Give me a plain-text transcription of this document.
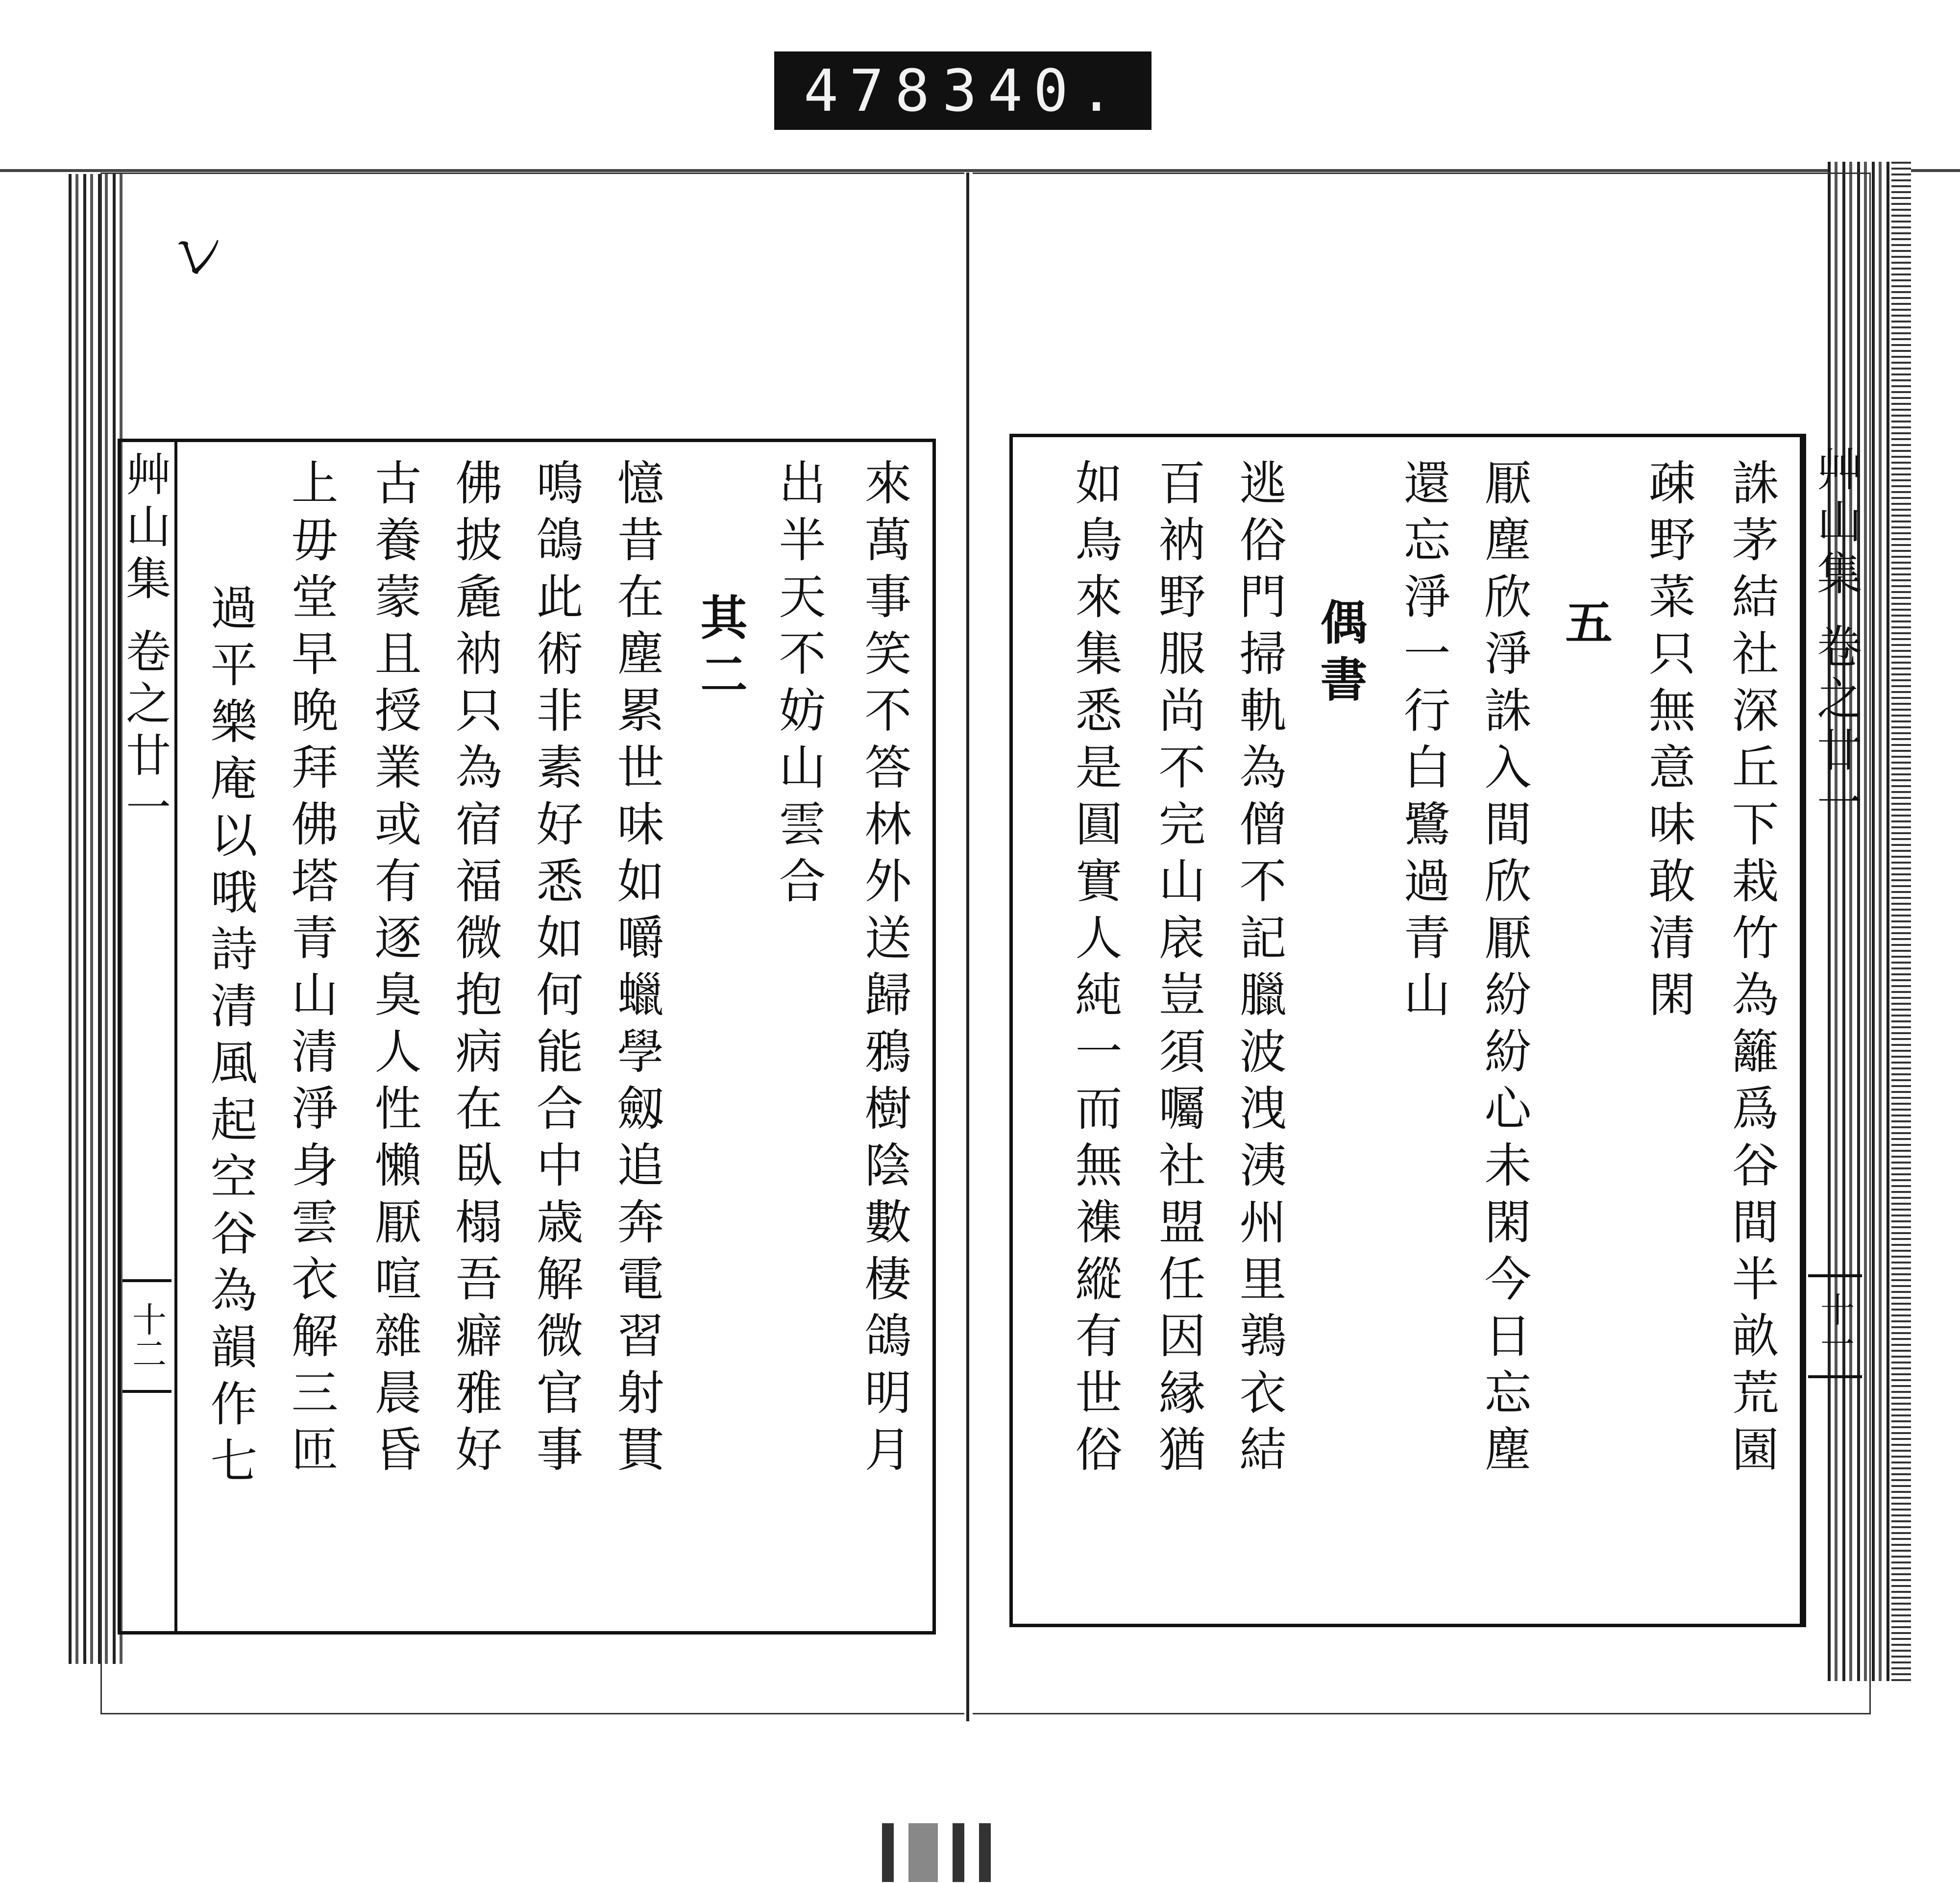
478 340.
レ
艸山集 卷之廿一
十二	來萬事笑不答林外送歸鴉樹陰數棲鴿明月
出半天不妨山雲合
其二
憶昔在塵累世味如嚼蠟學劔追奔電習射貫
鳴鴿此術非素好悉如何能合中歳解微官事
佛披麁衲只為宿福微抱病在臥榻吾癖雅好
古養蒙且授業或有逐臭人性懶厭喧雜晨昏
上毋堂早晩拜佛塔青山清淨身雲衣解三匝
過平樂庵以哦詩清風起空谷為韻作七	艸山集 卷之廿一
十一
誅茅結社深丘下栽竹為籬爲谷間半畝荒園
疎野菜只無意味敢清閑
五
厭塵欣淨誅入間欣厭紛紛心未閑今日忘塵
還忘淨一行白鷺過青山
偶書
逃俗門掃軌為僧不記臘波洩洟州里鶉衣結
百衲野服尚不完山扆豈須囑社盟任因縁猶
如鳥來集悉是圓實人純一而無襍縱有世俗
